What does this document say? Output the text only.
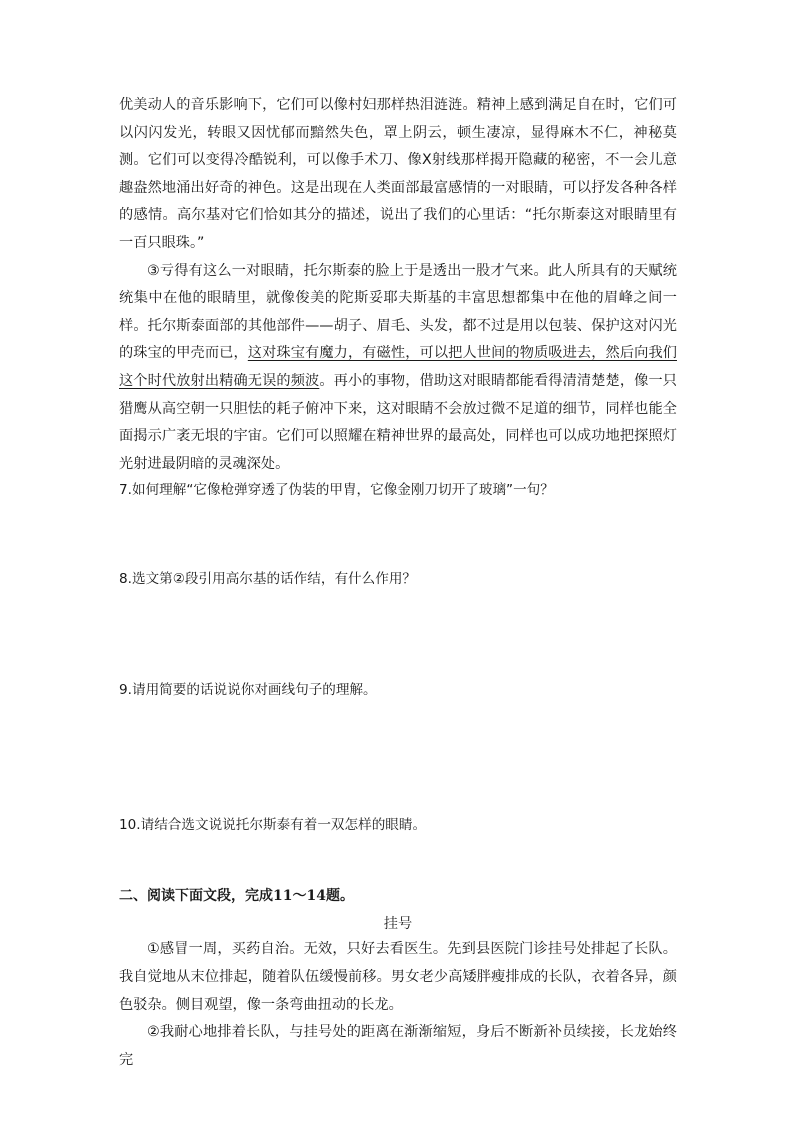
优美动人的音乐影响下，它们可以像村妇那样热泪涟涟。精神上感到满足自在时，它们可以闪闪发光，转眼又因忧郁而黯然失色，罩上阴云，顿生凄凉，显得麻木不仁，神秘莫测。它们可以变得冷酷锐利，可以像手术刀、像X射线那样揭开隐藏的秘密，不一会儿意趣盎然地涌出好奇的神色。这是出现在人类面部最富感情的一对眼睛，可以抒发各种各样的感情。高尔基对它们恰如其分的描述，说出了我们的心里话：“托尔斯泰这对眼睛里有一百只眼珠。”

③亏得有这么一对眼睛，托尔斯泰的脸上于是透出一股才气来。此人所具有的天赋统统集中在他的眼睛里，就像俊美的陀斯妥耶夫斯基的丰富思想都集中在他的眉峰之间一样。托尔斯泰面部的其他部件——胡子、眉毛、头发，都不过是用以包装、保护这对闪光的珠宝的甲壳而已，这对珠宝有魔力，有磁性，可以把人世间的物质吸进去，然后向我们这个时代放射出精确无误的频波。再小的事物，借助这对眼睛都能看得清清楚楚，像一只猎鹰从高空朝一只胆怯的耗子俯冲下来，这对眼睛不会放过微不足道的细节，同样也能全面揭示广袤无垠的宇宙。它们可以照耀在精神世界的最高处，同样也可以成功地把探照灯光射进最阴暗的灵魂深处。

7.如何理解“它像枪弹穿透了伪装的甲胄，它像金刚刀切开了玻璃”一句？

8.选文第②段引用高尔基的话作结，有什么作用？

9.请用简要的话说说你对画线句子的理解。

10.请结合选文说说托尔斯泰有着一双怎样的眼睛。

二、阅读下面文段，完成11～14题。

挂号

①感冒一周，买药自治。无效，只好去看医生。先到县医院门诊挂号处排起了长队。我自觉地从末位排起，随着队伍缓慢前移。男女老少高矮胖瘦排成的长队，衣着各异，颜色驳杂。侧目观望，像一条弯曲扭动的长龙。

②我耐心地排着长队，与挂号处的距离在渐渐缩短，身后不断新补员续接，长龙始终完
